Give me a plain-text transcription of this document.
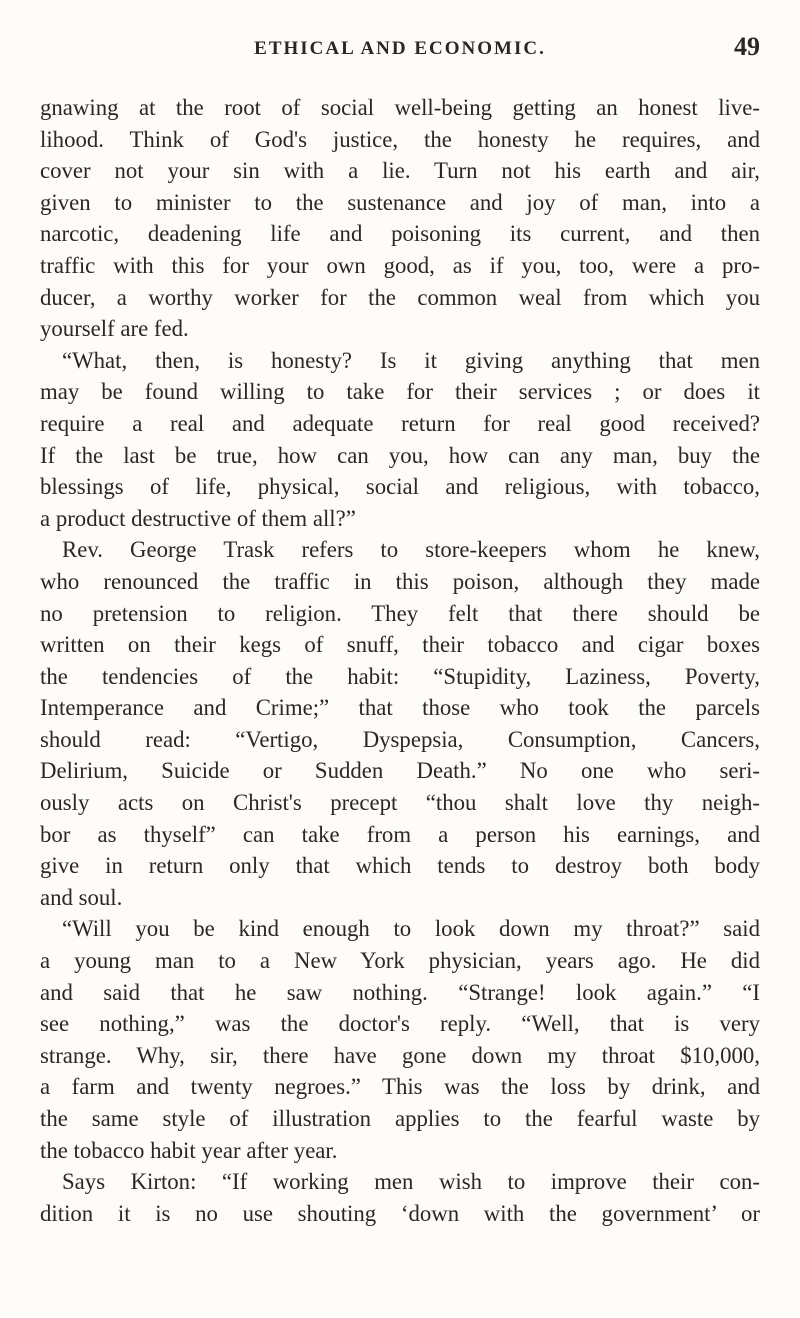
ETHICAL AND ECONOMIC.	49
gnawing at the root of social well-being getting an honest live-
lihood. Think of God's justice, the honesty he requires, and
cover not your sin with a lie. Turn not his earth and air,
given to minister to the sustenance and joy of man, into a
narcotic, deadening life and poisoning its current, and then
traffic with this for your own good, as if you, too, were a pro-
ducer, a worthy worker for the common weal from which you
yourself are fed.
“What, then, is honesty? Is it giving anything that men
may be found willing to take for their services ; or does it
require a real and adequate return for real good received?
If the last be true, how can you, how can any man, buy the
blessings of life, physical, social and religious, with tobacco,
a product destructive of them all?”
Rev. George Trask refers to store-keepers whom he knew,
who renounced the traffic in this poison, although they made
no pretension to religion. They felt that there should be
written on their kegs of snuff, their tobacco and cigar boxes
the tendencies of the habit: “Stupidity, Laziness, Poverty,
Intemperance and Crime;” that those who took the parcels
should read: “Vertigo, Dyspepsia, Consumption, Cancers,
Delirium, Suicide or Sudden Death.” No one who seri-
ously acts on Christ's precept “thou shalt love thy neigh-
bor as thyself” can take from a person his earnings, and
give in return only that which tends to destroy both body
and soul.
“Will you be kind enough to look down my throat?” said
a young man to a New York physician, years ago. He did
and said that he saw nothing. “Strange! look again.” “I
see nothing,” was the doctor's reply. “Well, that is very
strange. Why, sir, there have gone down my throat $10,000,
a farm and twenty negroes.” This was the loss by drink, and
the same style of illustration applies to the fearful waste by
the tobacco habit year after year.
Says Kirton: “If working men wish to improve their con-
dition it is no use shouting ‘down with the government’ or
